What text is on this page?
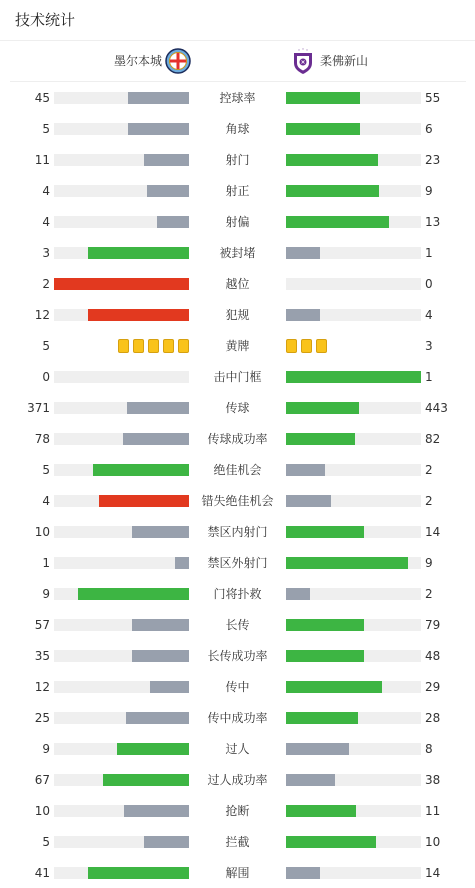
技术统计
墨尔本城	柔佛新山
45	控球率	55
5	角球	6
11	射门	23
4	射正	9
4	射偏	13
3	被封堵	1
2	越位	0
12	犯规	4
5	黄牌	3
0	击中门框	1
371	传球	443
78	传球成功率	82
5	绝佳机会	2
4	错失绝佳机会	2
10	禁区内射门	14
1	禁区外射门	9
9	门将扑救	2
57	长传	79
35	长传成功率	48
12	传中	29
25	传中成功率	28
9	过人	8
67	过人成功率	38
10	抢断	11
5	拦截	10
41	解围	14
